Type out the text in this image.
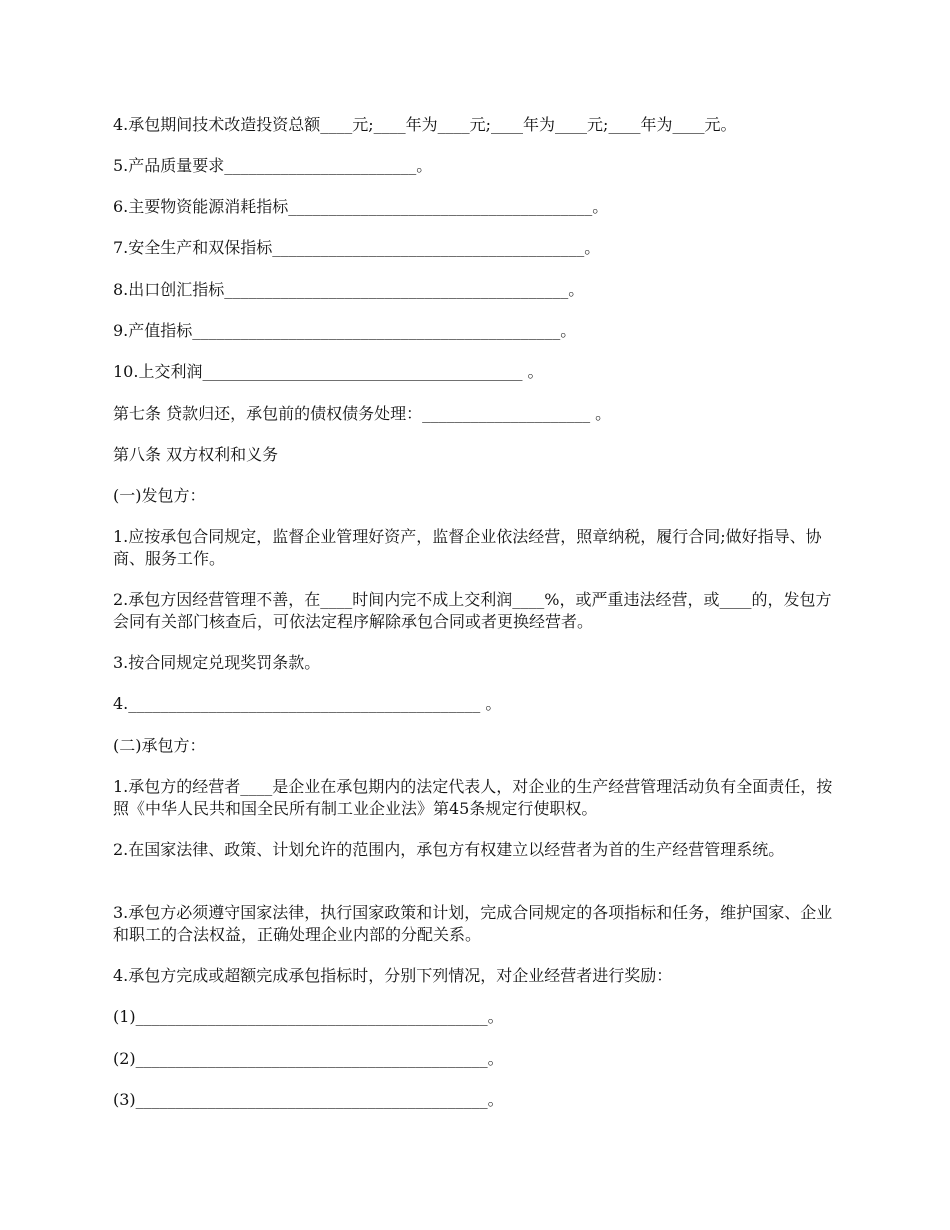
4.承包期间技术改造投资总额____元;____年为____元;____年为____元;____年为____元。

5.产品质量要求________________________。

6.主要物资能源消耗指标______________________________________。

7.安全生产和双保指标_______________________________________。

8.出口创汇指标___________________________________________。

9.产值指标______________________________________________。

10.上交利润________________________________________ 。

第七条 贷款归还，承包前的债权债务处理：_____________________ 。

第八条 双方权利和义务

(一)发包方：

1.应按承包合同规定，监督企业管理好资产，监督企业依法经营，照章纳税，履行合同;做好指导、协商、服务工作。

2.承包方因经营管理不善，在____时间内完不成上交利润____%，或严重违法经营，或____的，发包方会同有关部门核查后，可依法定程序解除承包合同或者更换经营者。

3.按合同规定兑现奖罚条款。

4.____________________________________________ 。

(二)承包方：

1.承包方的经营者____是企业在承包期内的法定代表人，对企业的生产经营管理活动负有全面责任，按照《中华人民共和国全民所有制工业企业法》第45条规定行使职权。

2.在国家法律、政策、计划允许的范围内，承包方有权建立以经营者为首的生产经营管理系统。

3.承包方必须遵守国家法律，执行国家政策和计划，完成合同规定的各项指标和任务，维护国家、企业和职工的合法权益，正确处理企业内部的分配关系。

4.承包方完成或超额完成承包指标时，分别下列情况，对企业经营者进行奖励：

(1)____________________________________________。

(2)____________________________________________。

(3)____________________________________________。
